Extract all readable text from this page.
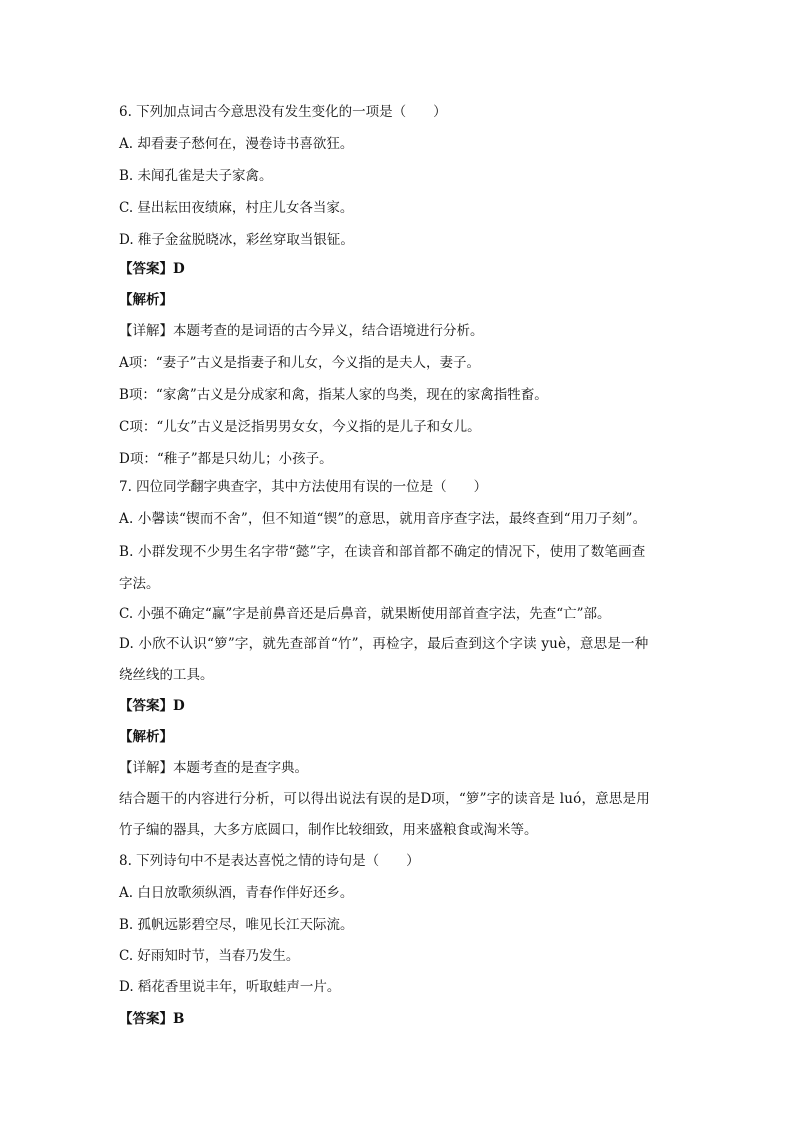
6. 下列加点词古今意思没有发生变化的一项是（　　）
A. 却看妻子愁何在，漫卷诗书喜欲狂。
B. 未闻孔雀是夫子家禽。
C. 昼出耘田夜绩麻，村庄儿女各当家。
D. 稚子金盆脱晓冰，彩丝穿取当银钲。
【答案】D
【解析】
【详解】本题考查的是词语的古今异义，结合语境进行分析。
A项：“妻子”古义是指妻子和儿女，今义指的是夫人，妻子。
B项：“家禽”古义是分成家和禽，指某人家的鸟类，现在的家禽指牲畜。
C项：“儿女”古义是泛指男男女女，今义指的是儿子和女儿。
D项：“稚子”都是只幼儿；小孩子。
7. 四位同学翻字典查字，其中方法使用有误的一位是（　　）
A. 小馨读“锲而不舍”，但不知道“锲”的意思，就用音序查字法，最终查到“用刀子刻”。
B. 小群发现不少男生名字带“懿”字，在读音和部首都不确定的情况下，使用了数笔画查
字法。
C. 小强不确定“赢”字是前鼻音还是后鼻音，就果断使用部首查字法，先查“亡”部。
D. 小欣不认识“箩”字，就先查部首“竹”，再检字，最后查到这个字读 yuè，意思是一种
绕丝线的工具。
【答案】D
【解析】
【详解】本题考查的是查字典。
结合题干的内容进行分析，可以得出说法有误的是D项，“箩”字的读音是 luó，意思是用
竹子编的器具，大多方底圆口，制作比较细致，用来盛粮食或淘米等。
8. 下列诗句中不是表达喜悦之情的诗句是（　　）
A. 白日放歌须纵酒，青春作伴好还乡。
B. 孤帆远影碧空尽，唯见长江天际流。
C. 好雨知时节，当春乃发生。
D. 稻花香里说丰年，听取蛙声一片。
【答案】B
